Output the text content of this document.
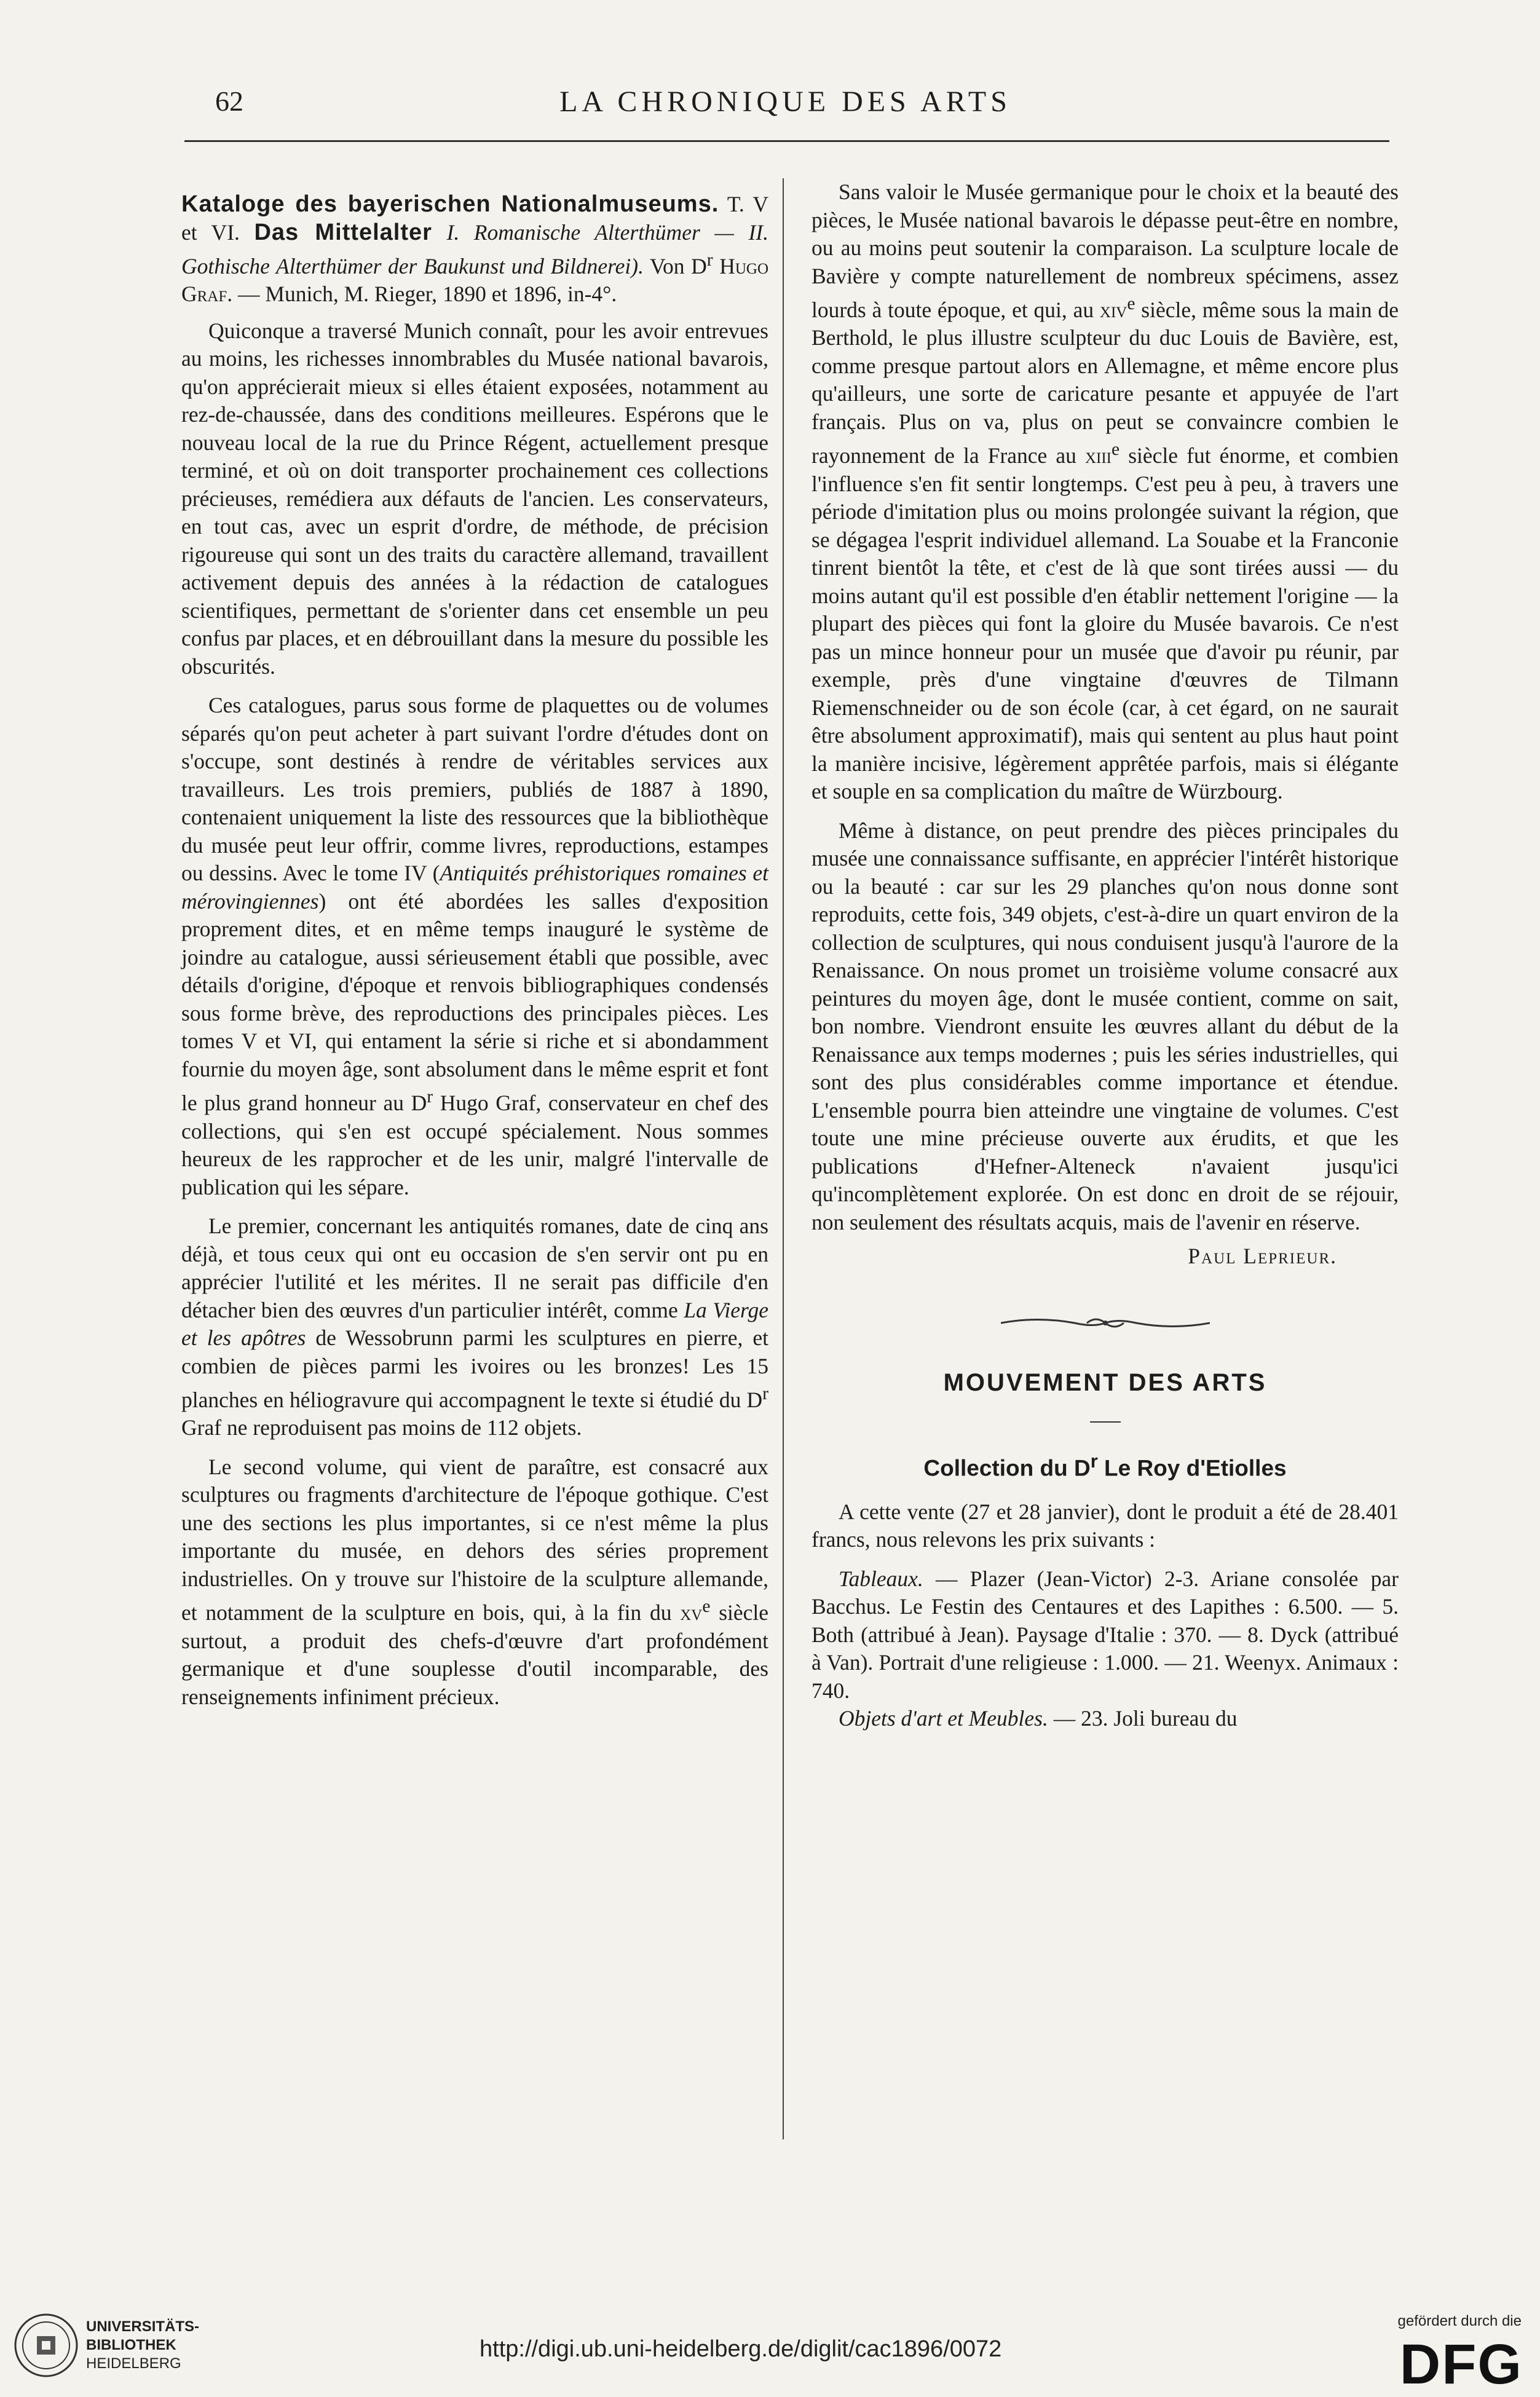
62	LA CHRONIQUE DES ARTS

Kataloge des bayerischen Nationalmuseums. T. V et VI. Das Mittelalter I. Romanische Alterthümer — II. Gothische Alterthümer der Baukunst und Bildnerei). Von $D^r$ Hugo Graf. — Munich, M. Rieger, 1890 et 1896, in-4°.

Quiconque a traversé Munich connaît, pour les avoir entrevues au moins, les richesses innombrables du Musée national bavarois, qu'on apprécierait mieux si elles étaient exposées, notamment au rez-de-chaussée, dans des conditions meilleures. Espérons que le nouveau local de la rue du Prince Régent, actuellement presque terminé, et où on doit transporter prochainement ces collections précieuses, remédiera aux défauts de l'ancien. Les conservateurs, en tout cas, avec un esprit d'ordre, de méthode, de précision rigoureuse qui sont un des traits du caractère allemand, travaillent activement depuis des années à la rédaction de catalogues scientifiques, permettant de s'orienter dans cet ensemble un peu confus par places, et en débrouillant dans la mesure du possible les obscurités.

Ces catalogues, parus sous forme de plaquettes ou de volumes séparés qu'on peut acheter à part suivant l'ordre d'études dont on s'occupe, sont destinés à rendre de véritables services aux travailleurs. Les trois premiers, publiés de 1887 à 1890, contenaient uniquement la liste des ressources que la bibliothèque du musée peut leur offrir, comme livres, reproductions, estampes ou dessins. Avec le tome IV (Antiquités préhistoriques romaines et mérovingiennes) ont été abordées les salles d'exposition proprement dites, et en même temps inauguré le système de joindre au catalogue, aussi sérieusement établi que possible, avec détails d'origine, d'époque et renvois bibliographiques condensés sous forme brève, des reproductions des principales pièces. Les tomes V et VI, qui entament la série si riche et si abondamment fournie du moyen âge, sont absolument dans le même esprit et font le plus grand honneur au $D^r$ Hugo Graf, conservateur en chef des collections, qui s'en est occupé spécialement. Nous sommes heureux de les rapprocher et de les unir, malgré l'intervalle de publication qui les sépare.

Le premier, concernant les antiquités romanes, date de cinq ans déjà, et tous ceux qui ont eu occasion de s'en servir ont pu en apprécier l'utilité et les mérites. Il ne serait pas difficile d'en détacher bien des œuvres d'un particulier intérêt, comme La Vierge et les apôtres de Wessobrunn parmi les sculptures en pierre, et combien de pièces parmi les ivoires ou les bronzes! Les 15 planches en héliogravure qui accompagnent le texte si étudié du $D^r$ Graf ne reproduisent pas moins de 112 objets.

Le second volume, qui vient de paraître, est consacré aux sculptures ou fragments d'architecture de l'époque gothique. C'est une des sections les plus importantes, si ce n'est même la plus importante du musée, en dehors des séries proprement industrielles. On y trouve sur l'histoire de la sculpture allemande, et notamment de la sculpture en bois, qui, à la fin du $xv^e$ siècle surtout, a produit des chefs-d'œuvre d'art profondément germanique et d'une souplesse d'outil incomparable, des renseignements infiniment précieux.

Sans valoir le Musée germanique pour le choix et la beauté des pièces, le Musée national bavarois le dépasse peut-être en nombre, ou au moins peut soutenir la comparaison. La sculpture locale de Bavière y compte naturellement de nombreux spécimens, assez lourds à toute époque, et qui, au xiv$^e$ siècle, même sous la main de Berthold, le plus illustre sculpteur du duc Louis de Bavière, est, comme presque partout alors en Allemagne, et même encore plus qu'ailleurs, une sorte de caricature pesante et appuyée de l'art français. Plus on va, plus on peut se convaincre combien le rayonnement de la France au xiii$^e$ siècle fut énorme, et combien l'influence s'en fit sentir longtemps. C'est peu à peu, à travers une période d'imitation plus ou moins prolongée suivant la région, que se dégagea l'esprit individuel allemand. La Souabe et la Franconie tinrent bientôt la tête, et c'est de là que sont tirées aussi — du moins autant qu'il est possible d'en établir nettement l'origine — la plupart des pièces qui font la gloire du Musée bavarois. Ce n'est pas un mince honneur pour un musée que d'avoir pu réunir, par exemple, près d'une vingtaine d'œuvres de Tilmann Riemenschneider ou de son école (car, à cet égard, on ne saurait être absolument approximatif), mais qui sentent au plus haut point la manière incisive, légèrement apprêtée parfois, mais si élégante et souple en sa complication du maître de Würzbourg.

Même à distance, on peut prendre des pièces principales du musée une connaissance suffisante, en apprécier l'intérêt historique ou la beauté : car sur les 29 planches qu'on nous donne sont reproduits, cette fois, 349 objets, c'est-à-dire un quart environ de la collection de sculptures, qui nous conduisent jusqu'à l'aurore de la Renaissance. On nous promet un troisième volume consacré aux peintures du moyen âge, dont le musée contient, comme on sait, bon nombre. Viendront ensuite les œuvres allant du début de la Renaissance aux temps modernes ; puis les séries industrielles, qui sont des plus considérables comme importance et étendue. L'ensemble pourra bien atteindre une vingtaine de volumes. C'est toute une mine précieuse ouverte aux érudits, et que les publications d'Hefner-Alteneck n'avaient jusqu'ici qu'incomplètement explorée. On est donc en droit de se réjouir, non seulement des résultats acquis, mais de l'avenir en réserve.

Paul Leprieur.

MOUVEMENT DES ARTS
Collection du $D^r$ Le Roy d'Etiolles

A cette vente (27 et 28 janvier), dont le produit a été de 28.401 francs, nous relevons les prix suivants :

Tableaux. — Plazer (Jean-Victor) 2-3. Ariane consolée par Bacchus. Le Festin des Centaures et des Lapithes : 6.500. — 5. Both (attribué à Jean). Paysage d'Italie : 370. — 8. Dyck (attribué à Van). Portrait d'une religieuse : 1.000. — 21. Weenyx. Animaux : 740.

Objets d'art et Meubles. — 23. Joli bureau du

UNIVERSITÄTS-
BIBLIOTHEK
HEIDELBERG
http://digi.ub.uni-heidelberg.de/diglit/cac1896/0072
gefördert durch die
DFG
